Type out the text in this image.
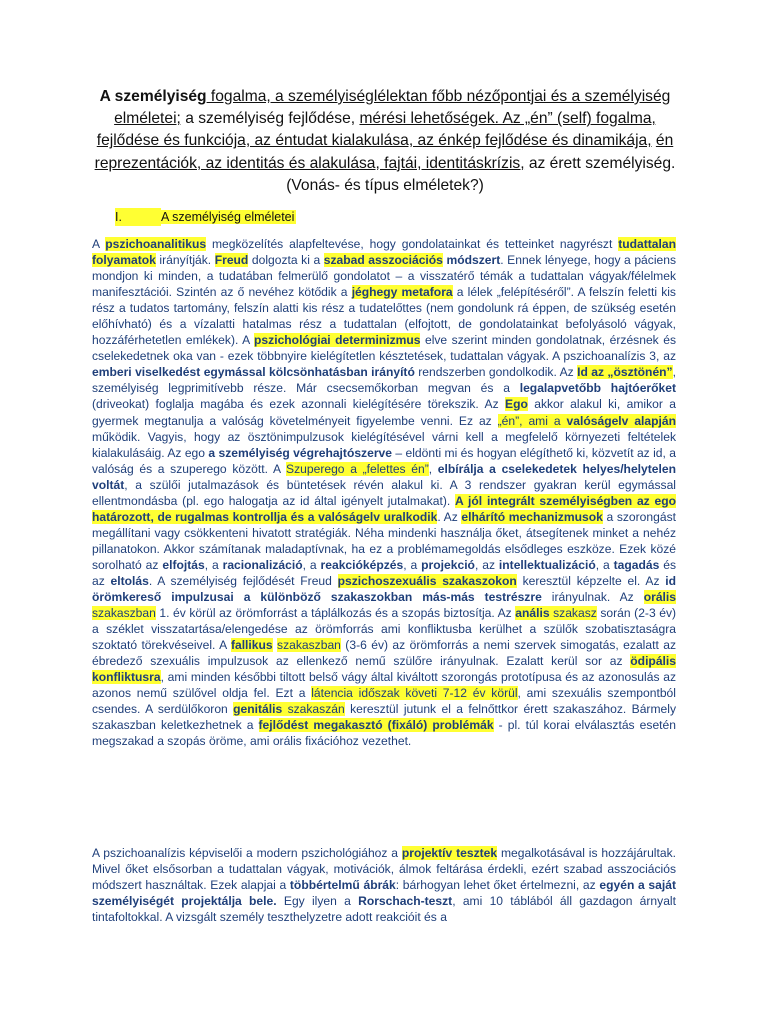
A személyiség fogalma, a személyiséglélektan főbb nézőpontjai és a személyiség elméletei; a személyiség fejlődése, mérési lehetőségek. Az „én” (self) fogalma, fejlődése és funkciója, az éntudat kialakulása, az énkép fejlődése és dinamikája, én reprezentációk, az identitás és alakulása, fajtái, identitáskrízis, az érett személyiség. (Vonás- és típus elméletek?)
I.	A személyiség elméletei

A pszichoanalitikus megközelítés alapfeltevése, hogy gondolatainkat és tetteinket nagyrészt tudattalan folyamatok irányítják. Freud dolgozta ki a szabad asszociációs módszert. Ennek lényege, hogy a páciens mondjon ki minden, a tudatában felmerülő gondolatot – a visszatérő témák a tudattalan vágyak/félelmek manifesztációi. Szintén az ő nevéhez kötődik a jéghegy metafora a lélek „felépítéséről”. A felszín feletti kis rész a tudatos tartomány, felszín alatti kis rész a tudatelőttes (nem gondolunk rá éppen, de szükség esetén előhívható) és a vízalatti hatalmas rész a tudattalan (elfojtott, de gondolatainkat befolyásoló vágyak, hozzáférhetetlen emlékek). A pszichológiai determinizmus elve szerint minden gondolatnak, érzésnek és cselekedetnek oka van - ezek többnyire kielégítetlen késztetések, tudattalan vágyak. A pszichoanalízis 3, az emberi viselkedést egymással kölcsönhatásban irányító rendszerben gondolkodik. Az Id az „ösztönén”, személyiség legprimitívebb része. Már csecsemőkorban megvan és a legalapvetőbb hajtóerőket (driveokat) foglalja magába és ezek azonnali kielégítésére törekszik. Az Ego akkor alakul ki, amikor a gyermek megtanulja a valóság követelményeit figyelembe venni. Ez az „én”, ami a valóságelv alapján működik. Vagyis, hogy az ösztönimpulzusok kielégítésével várni kell a megfelelő környezeti feltételek kialakulásáig. Az ego a személyiség végrehajtószerve – eldönti mi és hogyan elégíthető ki, közvetít az id, a valóság és a szuperego között. A Szuperego a „felettes én”, elbírálja a cselekedetek helyes/helytelen voltát, a szülői jutalmazások és büntetések révén alakul ki. A 3 rendszer gyakran kerül egymással ellentmondásba (pl. ego halogatja az id által igényelt jutalmakat). A jól integrált személyiségben az ego határozott, de rugalmas kontrollja és a valóságelv uralkodik. Az elhárító mechanizmusok a szorongást megállítani vagy csökkenteni hivatott stratégiák. Néha mindenki használja őket, átsegítenek minket a nehéz pillanatokon. Akkor számítanak maladaptívnak, ha ez a problémamegoldás elsődleges eszköze. Ezek közé sorolható az elfojtás, a racionalizáció, a reakcióképzés, a projekció, az intellektualizáció, a tagadás és az eltolás. A személyiség fejlődését Freud pszichoszexuális szakaszokon keresztül képzelte el. Az id örömkereső impulzusai a különböző szakaszokban más-más testrészre irányulnak. Az orális szakaszban 1. év körül az örömforrást a táplálkozás és a szopás biztosítja. Az anális szakasz során (2-3 év) a széklet visszatartása/elengedése az örömforrás ami konfliktusba kerülhet a szülők szobatisztaságra szoktató törekvéseivel. A fallikus szakaszban (3-6 év) az örömforrás a nemi szervek simogatás, ezalatt az ébredező szexuális impulzusok az ellenkező nemű szülőre irányulnak. Ezalatt kerül sor az ödipális konfliktusra, ami minden későbbi tiltott belső vágy által kiváltott szorongás prototípusa és az azonosulás az azonos nemű szülővel oldja fel. Ezt a látencia időszak követi 7-12 év körül, ami szexuális szempontból csendes. A serdülőkoron genitális szakaszán keresztül jutunk el a felnőttkor érett szakaszához. Bármely szakaszban keletkezhetnek a fejlődést megakasztó (fixáló) problémák - pl. túl korai elválasztás esetén megszakad a szopás öröme, ami orális fixációhoz vezethet.

A pszichoanalízis képviselői a modern pszichológiához a projektív tesztek megalkotásával is hozzájárultak. Mivel őket elsősorban a tudattalan vágyak, motivációk, álmok feltárása érdekli, ezért szabad asszociációs módszert használtak. Ezek alapjai a többértelmű ábrák: bárhogyan lehet őket értelmezni, az egyén a saját személyiségét projektálja bele. Egy ilyen a Rorschach-teszt, ami 10 táblából áll gazdagon árnyalt tintafoltokkal. A vizsgált személy teszthelyzetre adott reakcióit és a
